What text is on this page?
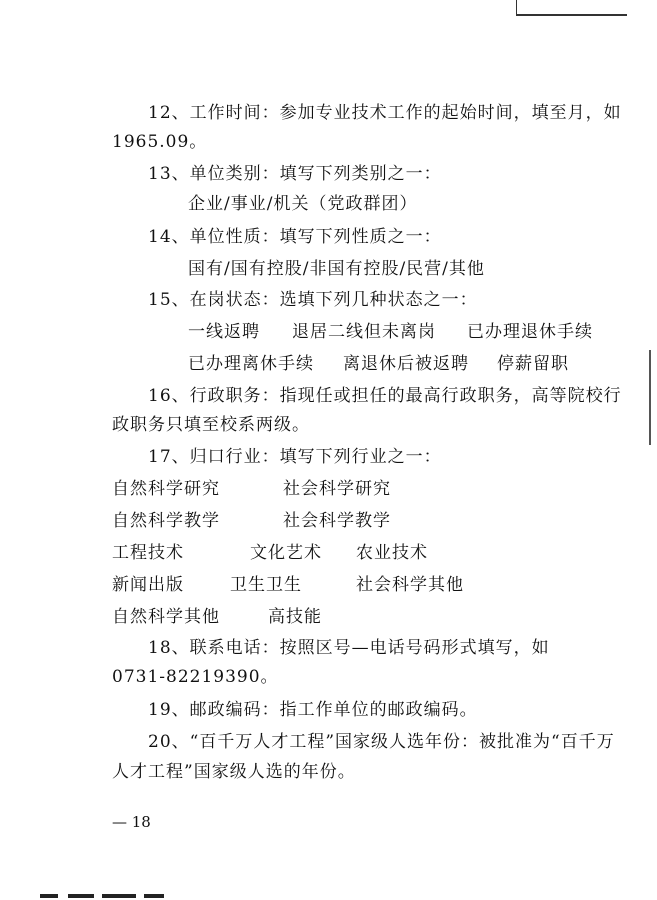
12、工作时间：参加专业技术工作的起始时间，填至月，如
1965.09。
13、单位类别：填写下列类别之一：
企业/事业/机关（党政群团）
14、单位性质：填写下列性质之一：
国有/国有控股/非国有控股/民营/其他
15、在岗状态：选填下列几种状态之一：
一线返聘 退居二线但未离岗 已办理退休手续
已办理离休手续 离退休后被返聘 停薪留职
16、行政职务：指现任或担任的最高行政职务，高等院校行
政职务只填至校系两级。
17、归口行业：填写下列行业之一：
自然科学研究	社会科学研究
自然科学教学	社会科学教学
工程技术	文化艺术 农业技术
新闻出版	卫生卫生	社会科学其他
自然科学其他	高技能
18、联系电话：按照区号—电话号码形式填写，如
0731-82219390。
19、邮政编码：指工作单位的邮政编码。
20、“百千万人才工程”国家级人选年份：被批准为“百千万
人才工程”国家级人选的年份。
— 18
